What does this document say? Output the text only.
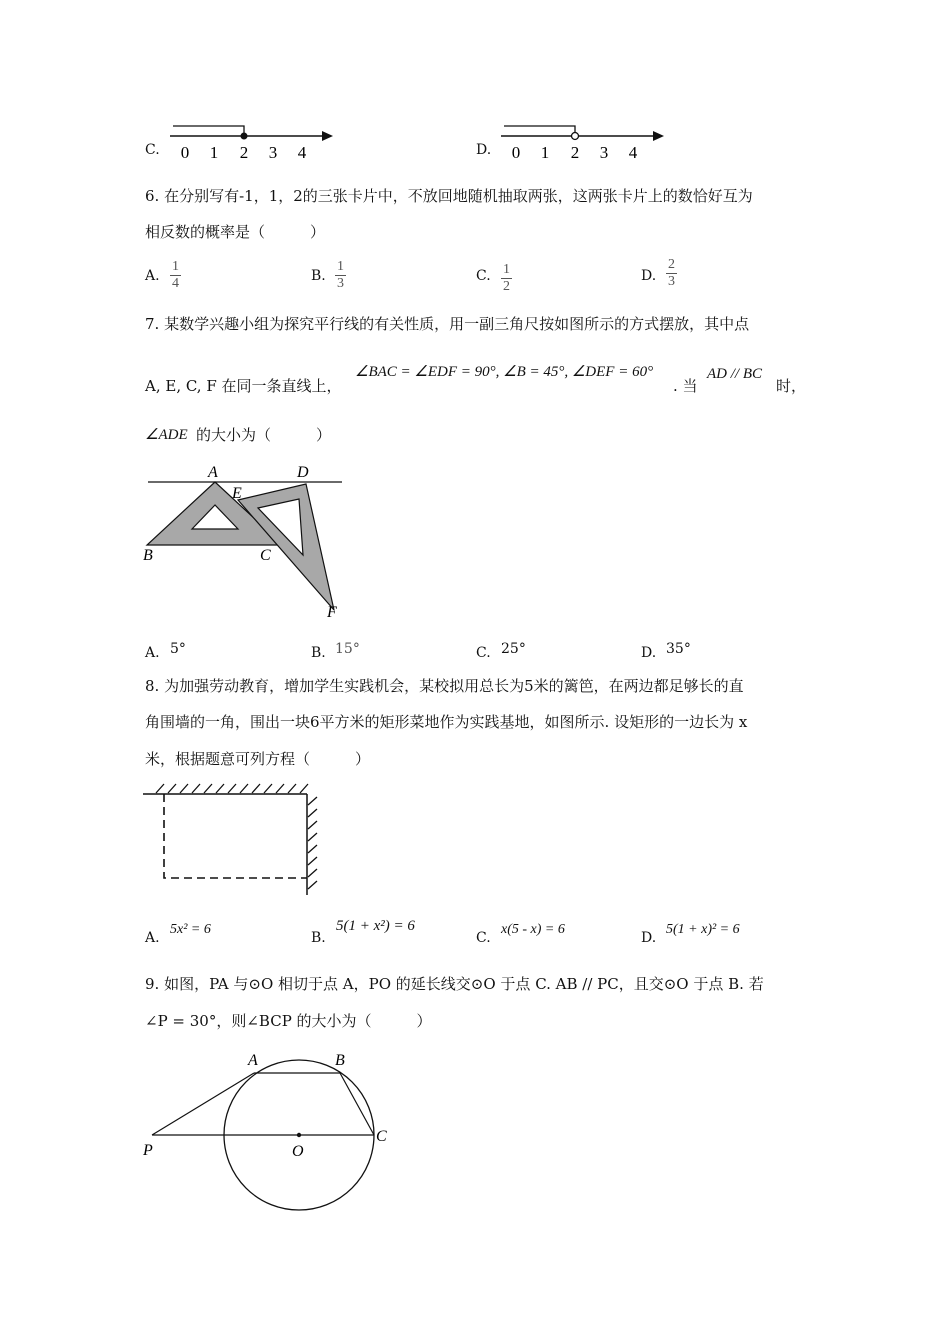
C. 0 1 2 3 4	D. 0 1 2 3 4
6. 在分别写有-1，1，2的三张卡片中，不放回地随机抽取两张，这两张卡片上的数恰好互为
相反数的概率是（　　　）
A. $\frac{1}{4}$	B. $\frac{1}{3}$	C. $\frac{1}{2}$	D. $\frac{2}{3}$
7. 某数学兴趣小组为探究平行线的有关性质，用一副三角尺按如图所示的方式摆放，其中点
A, E, C, F 在同一条直线上，
∠BAC = ∠EDF = 90°, ∠B = 45°, ∠DEF = 60°
. 当
AD // BC
时，
∠ADE 的大小为（　　　）
A	D
E
B	C
F
A. 5°	B. 15°	C. 25°	D. 35°
8. 为加强劳动教育，增加学生实践机会，某校拟用总长为5米的篱笆，在两边都足够长的直
角围墙的一角，围出一块6平方米的矩形菜地作为实践基地，如图所示. 设矩形的一边长为 x
米，根据题意可列方程（　　　）
A.
5x² = 6
B.
5(1 + x²) = 6
C.
x(5 - x) = 6
D.
5(1 + x)² = 6
9. 如图，PA 与⊙O 相切于点 A，PO 的延长线交⊙O 于点 C. AB // PC，且交⊙O 于点 B. 若
∠P = 30°，则∠BCP 的大小为（　　　）
A	B
P	O
C
